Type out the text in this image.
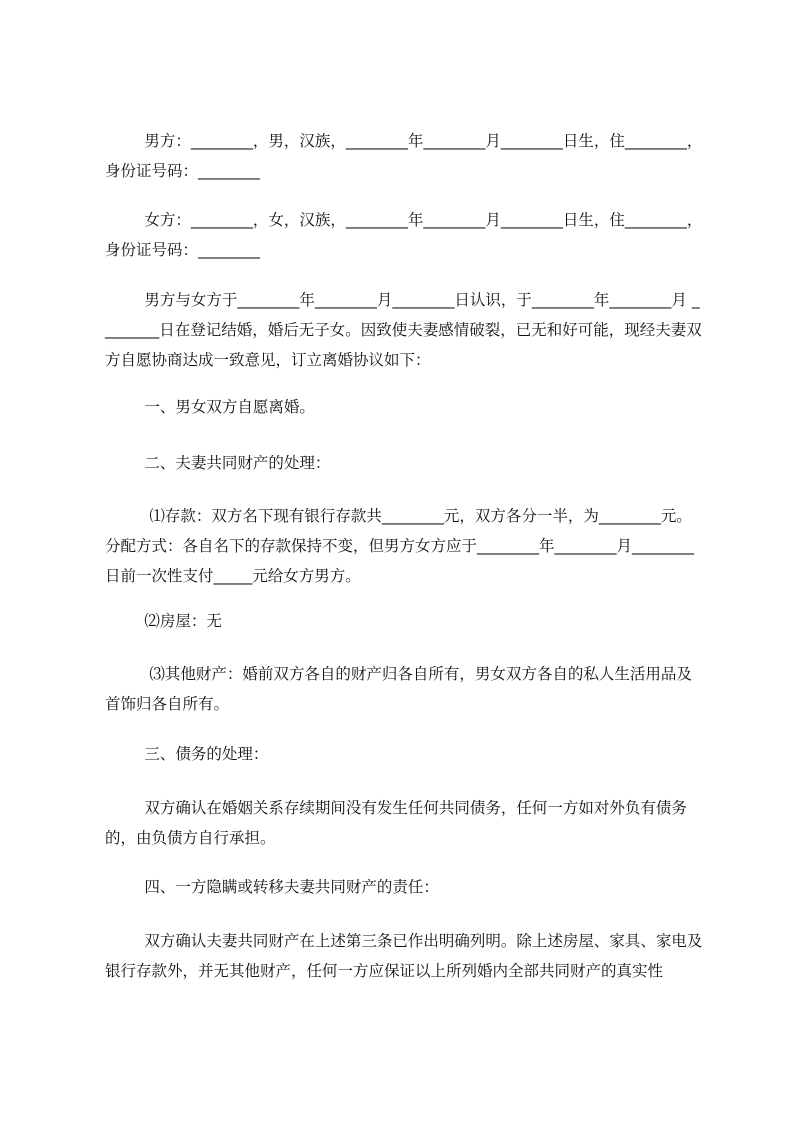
男方：________，男，汉族，________年________月________日生，住________，身份证号码：________

女方：________，女，汉族，________年________月________日生，住________，身份证号码：________

男方与女方于________年________月________日认识，于________年________月 ________日在登记结婚，婚后无子女。因致使夫妻感情破裂，已无和好可能，现经夫妻双方自愿协商达成一致意见，订立离婚协议如下：

一、男女双方自愿离婚。

二、夫妻共同财产的处理：

⑴存款：双方名下现有银行存款共________元，双方各分一半，为________元。分配方式：各自名下的存款保持不变，但男方女方应于________年________月________日前一次性支付_____元给女方男方。

⑵房屋：无

⑶其他财产：婚前双方各自的财产归各自所有，男女双方各自的私人生活用品及首饰归各自所有。

三、债务的处理：

双方确认在婚姻关系存续期间没有发生任何共同债务，任何一方如对外负有债务的，由负债方自行承担。

四、一方隐瞒或转移夫妻共同财产的责任：

双方确认夫妻共同财产在上述第三条已作出明确列明。除上述房屋、家具、家电及银行存款外，并无其他财产，任何一方应保证以上所列婚内全部共同财产的真实性
